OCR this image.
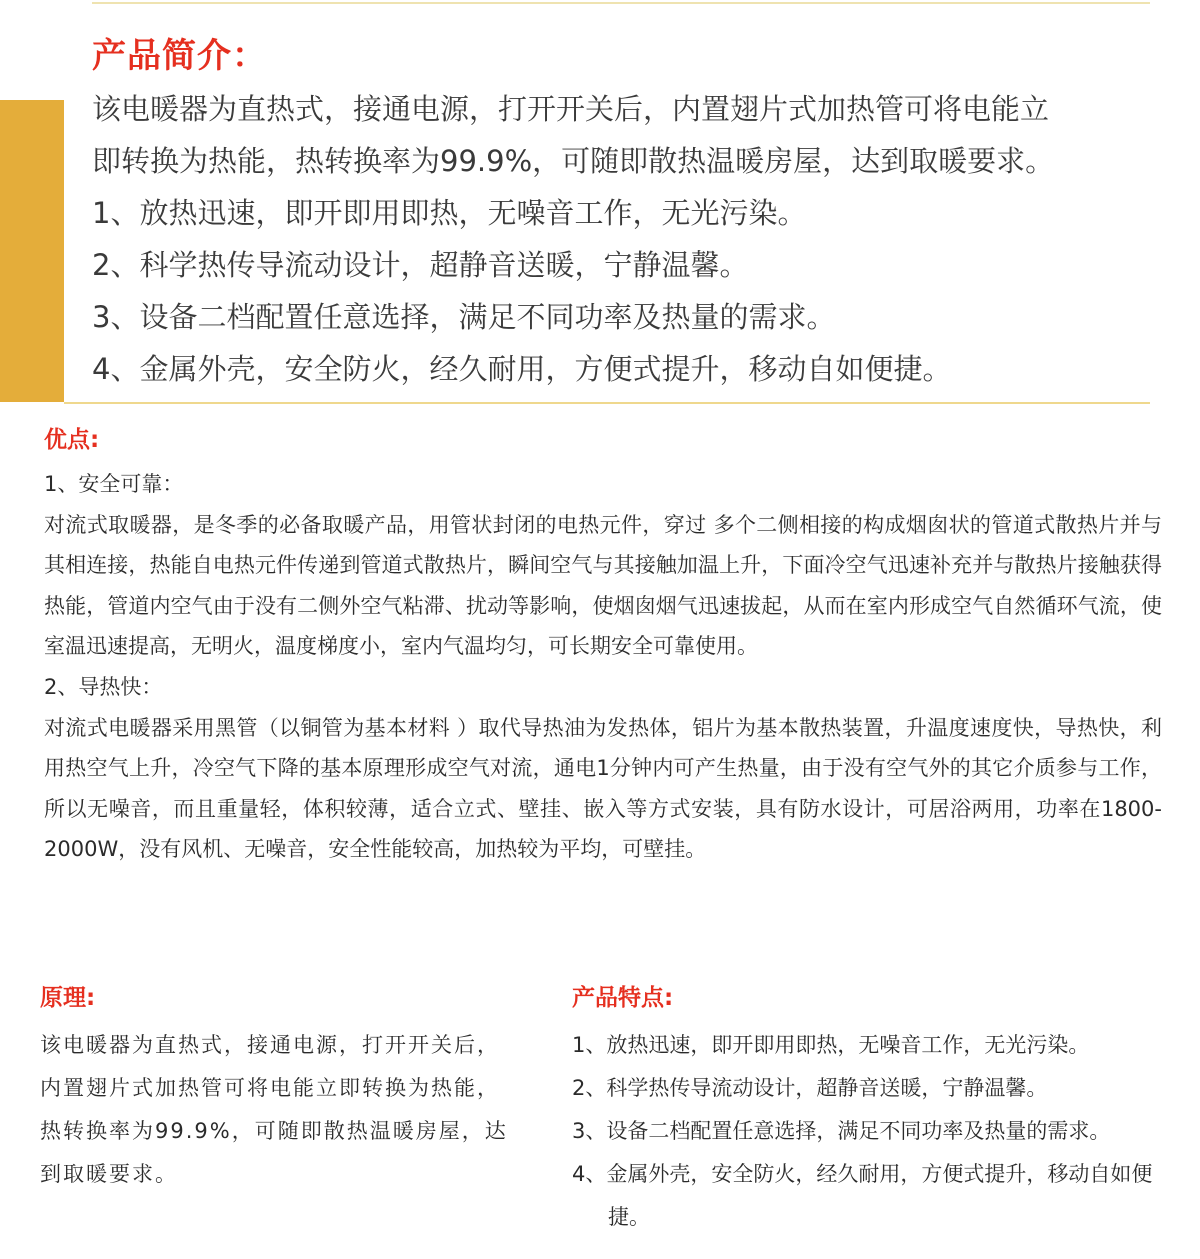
产品简介：

该电暖器为直热式，接通电源，打开开关后，内置翅片式加热管可将电能立

即转换为热能，热转换率为99.9%，可随即散热温暖房屋，达到取暖要求。

1、放热迅速，即开即用即热，无噪音工作，无光污染。

2、科学热传导流动设计，超静音送暖，宁静温馨。

3、设备二档配置任意选择，满足不同功率及热量的需求。

4、金属外壳，安全防火，经久耐用，方便式提升，移动自如便捷。

优点:

1、安全可靠：

对流式取暖器，是冬季的必备取暖产品，用管状封闭的电热元件，穿过 多个二侧相接的构成烟囱状的管道式散热片并与其相连接，热能自电热元件传递到管道式散热片，瞬间空气与其接触加温上升，下面冷空气迅速补充并与散热片接触获得热能，管道内空气由于没有二侧外空气粘滞、扰动等影响，使烟囱烟气迅速拔起，从而在室内形成空气自然循环气流，使室温迅速提高，无明火，温度梯度小，室内气温均匀，可长期安全可靠使用。

2、导热快：

对流式电暖器采用黑管（以铜管为基本材料 ）取代导热油为发热体，铝片为基本散热装置，升温度速度快，导热快，利用热空气上升，冷空气下降的基本原理形成空气对流，通电1分钟内可产生热量，由于没有空气外的其它介质参与工作，所以无噪音，而且重量轻，体积较薄，适合立式、壁挂、嵌入等方式安装，具有防水设计，可居浴两用，功率在1800-2000W，没有风机、无噪音，安全性能较高，加热较为平均，可壁挂。

原理:

该电暖器为直热式，接通电源，打开开关后，内置翅片式加热管可将电能立即转换为热能，热转换率为99.9%，可随即散热温暖房屋，达到取暖要求。

产品特点:
1、放热迅速，即开即用即热，无噪音工作，无光污染。
2、科学热传导流动设计，超静音送暖，宁静温馨。
3、设备二档配置任意选择，满足不同功率及热量的需求。
4、金属外壳，安全防火，经久耐用，方便式提升，移动自如便捷。
